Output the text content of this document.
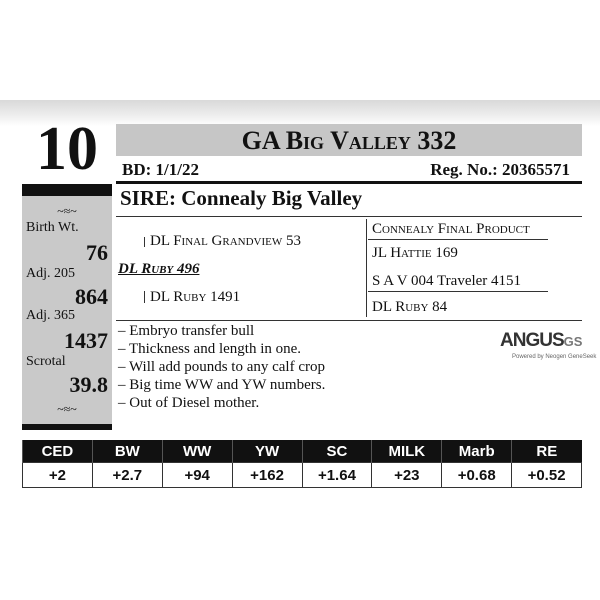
10	GA Big Valley 332
BD: 1/1/22	Reg. No.: 20365571
~≈~
Birth Wt.
76
Adj. 205
864
Adj. 365
1437
Scrotal
39.8
~≈~
SIRE: Connealy Big Valley
DL Final Grandview 53
DL Ruby 496
DL Ruby 1491
Connealy Final Product
JL Hattie 169
S A V 004 Traveler 4151
DL Ruby 84
– Embryo transfer bull
– Thickness and length in one.
– Will add pounds to any calf crop
– Big time WW and YW numbers.
– Out of Diesel mother.
ANGUSGS
Powered by Neogen GeneSeek
CED	BW	WW	YW	SC	MILK	Marb	RE
+2	+2.7	+94	+162	+1.64	+23	+0.68	+0.52
